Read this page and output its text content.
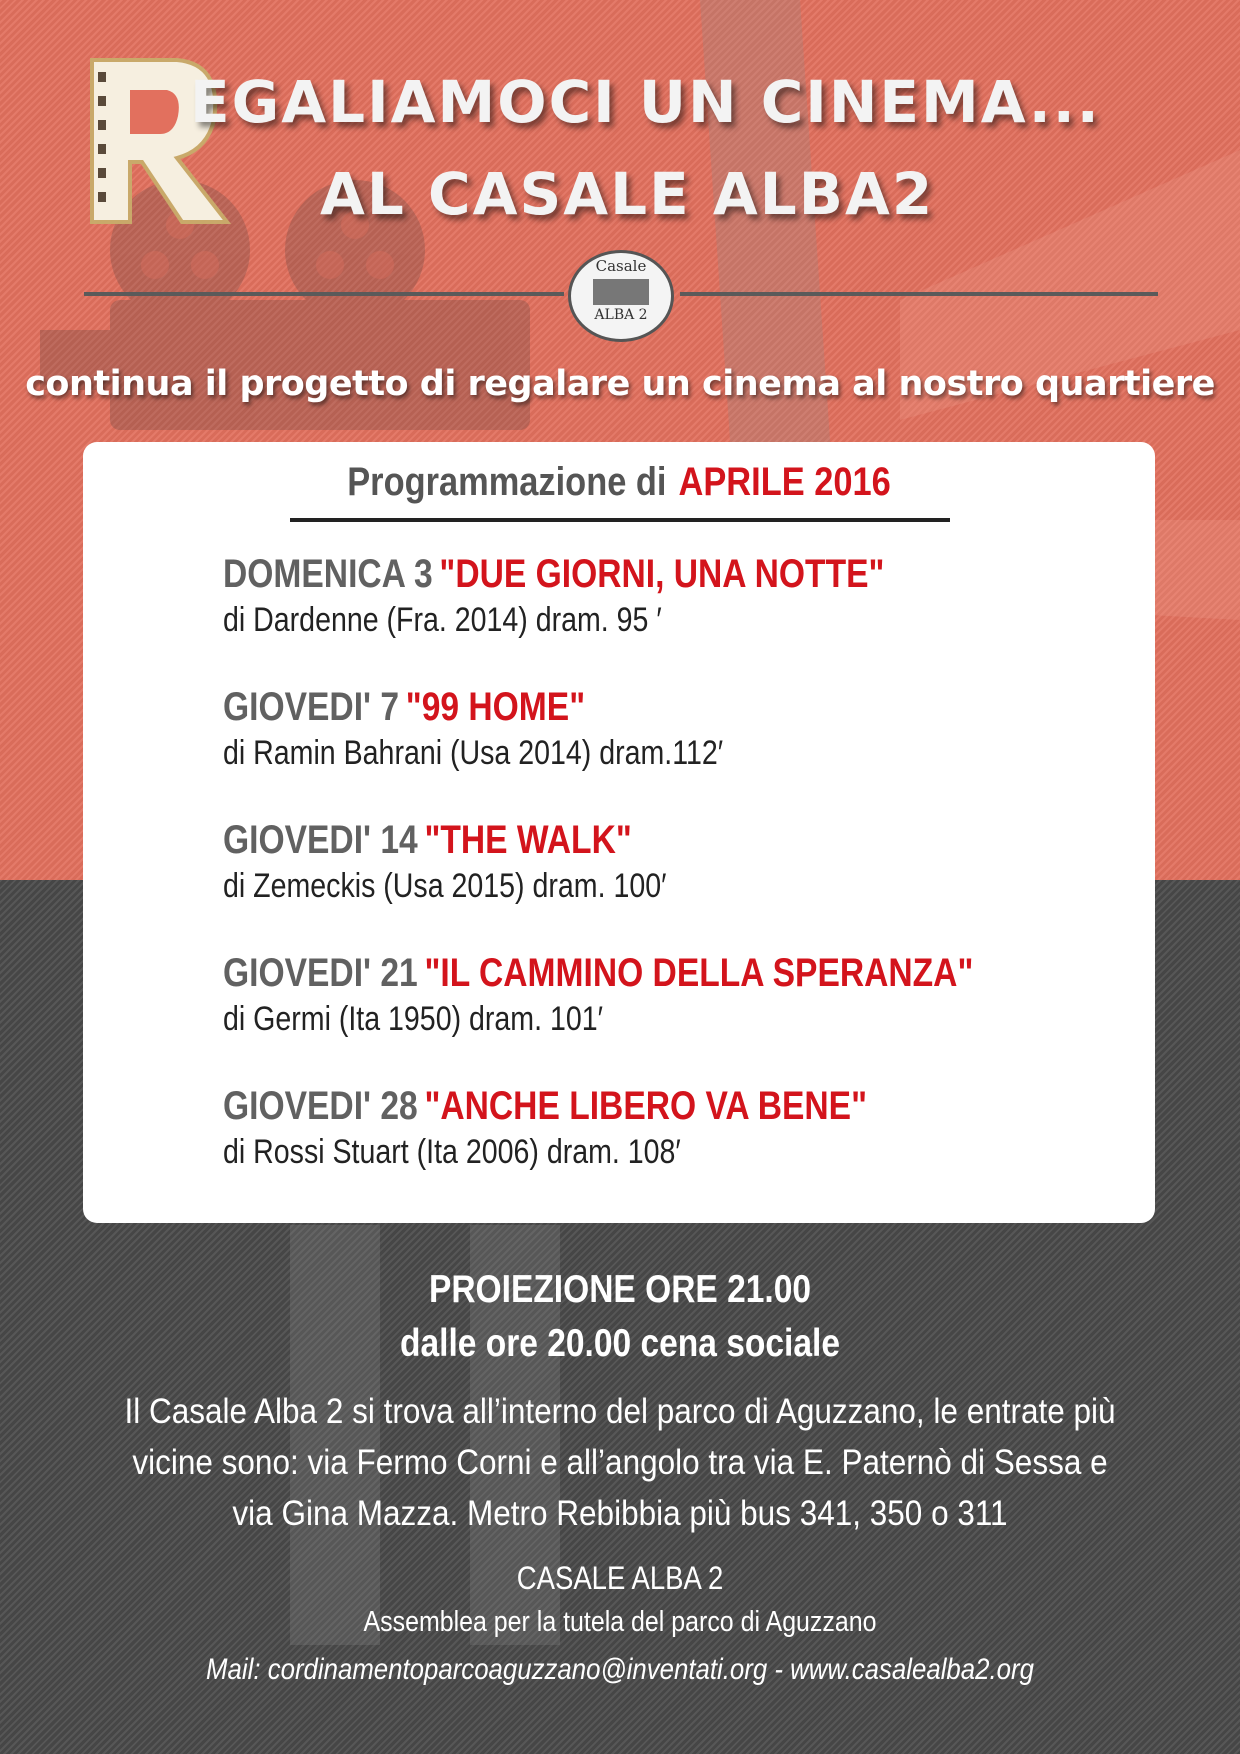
EGALIAMOCI UN CINEMA...
AL CASALE ALBA2
Casale
ALBA 2

continua il progetto di regalare un cinema al nostro quartiere

Programmazione di APRILE 2016
DOMENICA 3 "DUE GIORNI, UNA NOTTE"
di Dardenne (Fra. 2014) dram. 95 ′
GIOVEDI' 7 "99 HOME"
di Ramin Bahrani (Usa 2014) dram.112′
GIOVEDI' 14 "THE WALK"
di Zemeckis (Usa 2015) dram. 100′
GIOVEDI' 21 "IL CAMMINO DELLA SPERANZA"
di Germi (Ita 1950) dram. 101′
GIOVEDI' 28 "ANCHE LIBERO VA BENE"
di Rossi Stuart (Ita 2006) dram. 108′
PROIEZIONE ORE 21.00
dalle ore 20.00 cena sociale
Il Casale Alba 2 si trova all’interno del parco di Aguzzano, le entrate più
vicine sono: via Fermo Corni e all’angolo tra via E. Paternò di Sessa e
via Gina Mazza. Metro Rebibbia più bus 341, 350 o 311
CASALE ALBA 2
Assemblea per la tutela del parco di Aguzzano
Mail: cordinamentoparcoaguzzano@inventati.org - www.casalealba2.org
